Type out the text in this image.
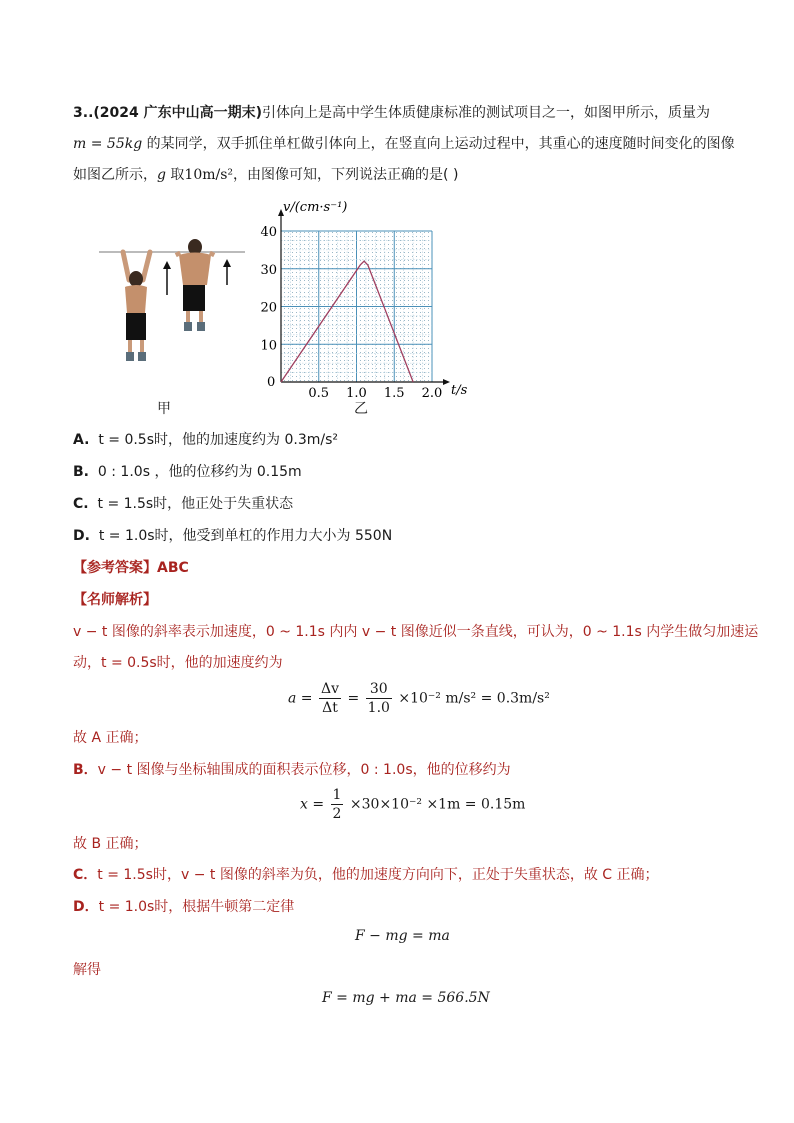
3..(2024 广东中山高一期末)引体向上是高中学生体质健康标准的测试项目之一，如图甲所示，质量为
m = 55kg 的某同学，双手抓住单杠做引体向上，在竖直向上运动过程中，其重心的速度随时间变化的图像
如图乙所示，g 取10m/s²，由图像可知，下列说法正确的是( )
甲
v/(cm·s⁻¹)
t/s
0
0.5 1.0 1.5 2.0
10
20
30
40
乙
A. t = 0.5s时，他的加速度约为 0.3m/s²
B. 0 : 1.0s ，他的位移约为 0.15m
C. t = 1.5s时，他正处于失重状态
D. t = 1.0s时，他受到单杠的作用力大小为 550N
【参考答案】ABC
【名师解析】
v − t 图像的斜率表示加速度，0 ~ 1.1s 内内 v − t 图像近似一条直线，可认为，0 ~ 1.1s 内学生做匀加速运
动，t = 0.5s时，他的加速度约为
$a = \frac{\Delta v}{\Delta t} = \frac{30}{1.0} \times 10^{-2}$ m/s² = 0.3m/s²
故 A 正确；
B．v − t 图像与坐标轴围成的面积表示位移，0 : 1.0s，他的位移约为
$x = \frac{1}{2} \times 30\times 10^{-2} \times 1m = 0.15m$
故 B 正确；
C．t = 1.5s时，v − t 图像的斜率为负，他的加速度方向向下，正处于失重状态，故 C 正确；
D．t = 1.0s时，根据牛顿第二定律
F − mg = ma
解得
F = mg + ma = 566.5N
